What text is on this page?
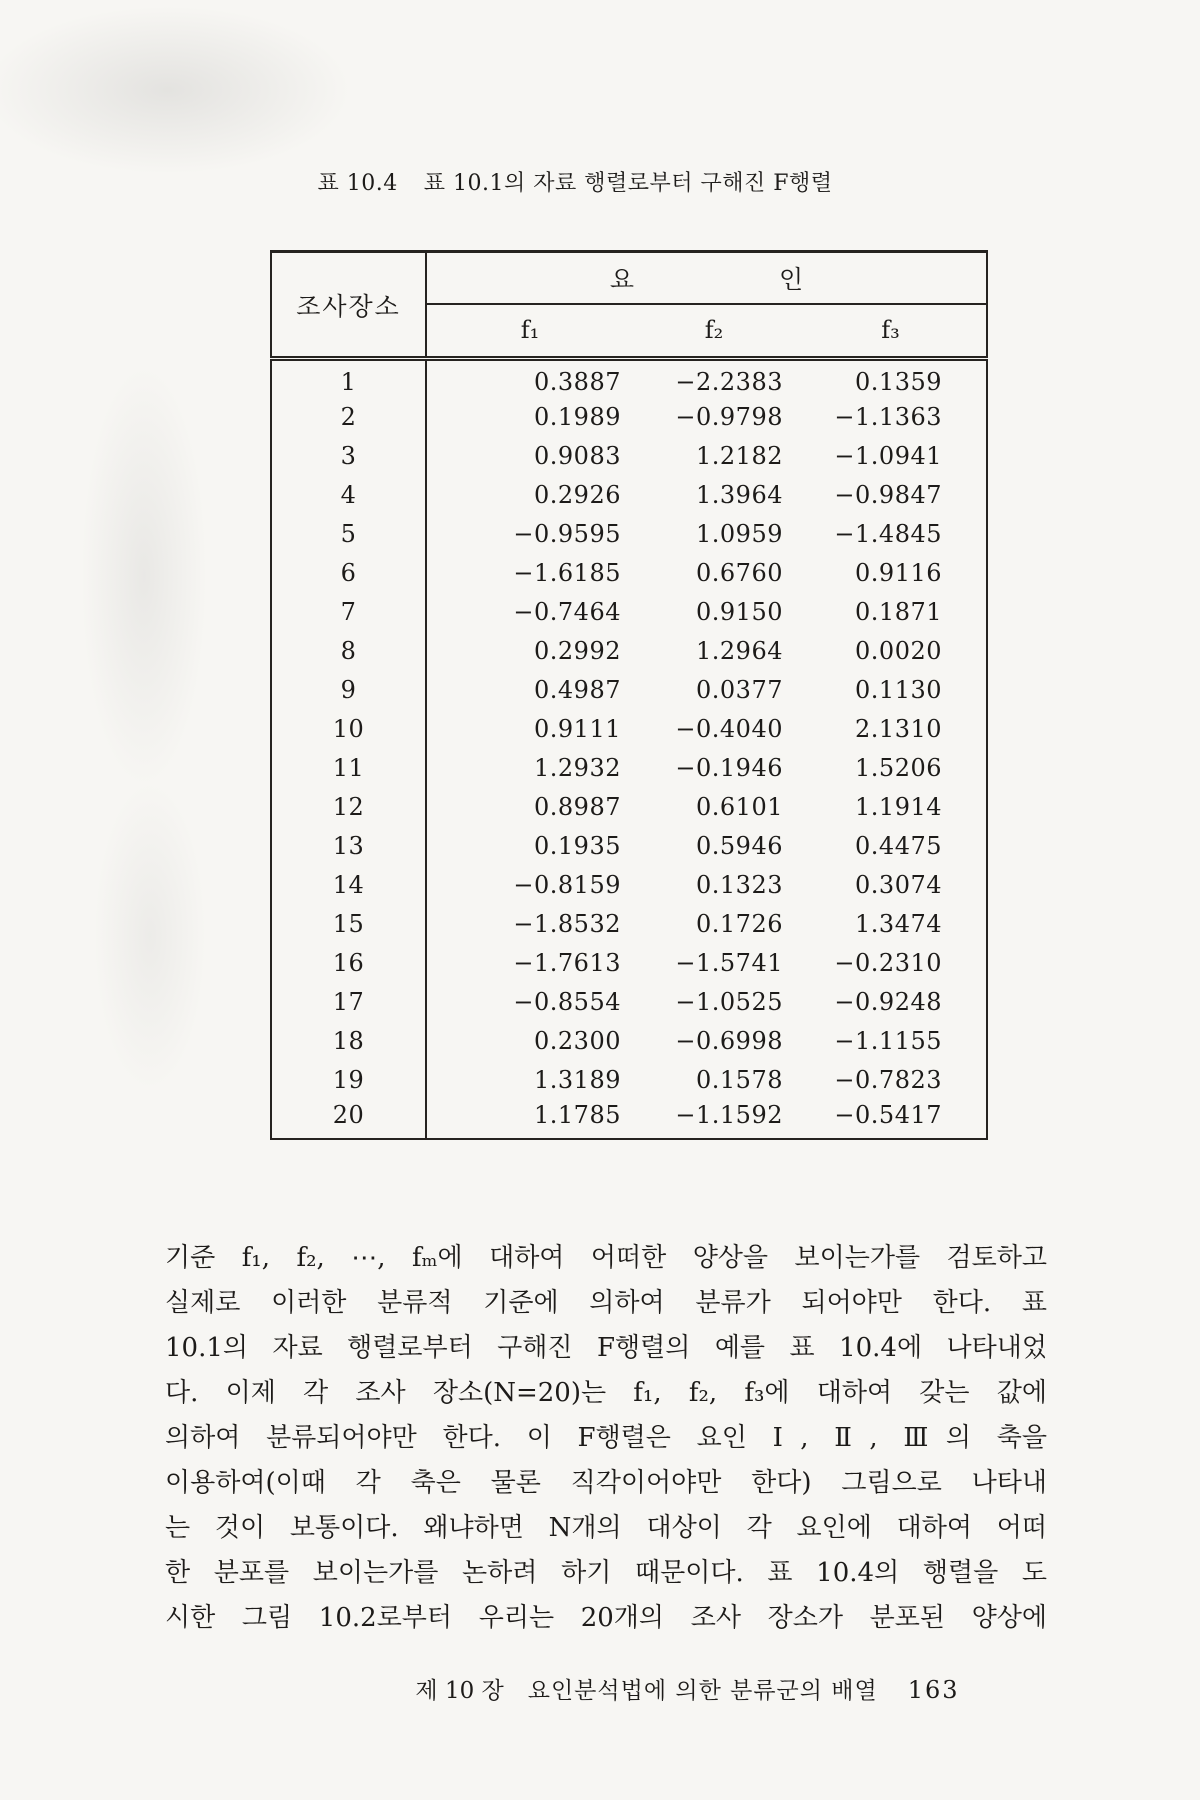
표 10.4 표 10.1의 자료 행렬로부터 구해진 F행렬
조사장소	요 인		

	f₁	f₂	f₃
1	0.3887	−2.2383	0.1359
2	0.1989	−0.9798	−1.1363
3	0.9083	1.2182	−1.0941
4	0.2926	1.3964	−0.9847
5	−0.9595	1.0959	−1.4845
6	−1.6185	0.6760	0.9116
7	−0.7464	0.9150	0.1871
8	0.2992	1.2964	0.0020
9	0.4987	0.0377	0.1130
10	0.9111	−0.4040	2.1310
11	1.2932	−0.1946	1.5206
12	0.8987	0.6101	1.1914
13	0.1935	0.5946	0.4475
14	−0.8159	0.1323	0.3074
15	−1.8532	0.1726	1.3474
16	−1.7613	−1.5741	−0.2310
17	−0.8554	−1.0525	−0.9248
18	0.2300	−0.6998	−1.1155
19	1.3189	0.1578	−0.7823
20	1.1785	−1.1592	−0.5417
기준 f₁, f₂, ⋯, fₘ에 대하여 어떠한 양상을 보이는가를 검토하고
실제로 이러한 분류적 기준에 의하여 분류가 되어야만 한다. 표
10.1의 자료 행렬로부터 구해진 F행렬의 예를 표 10.4에 나타내었
다. 이제 각 조사 장소(N=20)는 f₁, f₂, f₃에 대하여 갖는 값에
의하여 분류되어야만 한다. 이 F행렬은 요인 Ⅰ, Ⅱ, Ⅲ의 축을
이용하여(이때 각 축은 물론 직각이어야만 한다) 그림으로 나타내
는 것이 보통이다. 왜냐하면 N개의 대상이 각 요인에 대하여 어떠
한 분포를 보이는가를 논하려 하기 때문이다. 표 10.4의 행렬을 도
시한 그림 10.2로부터 우리는 20개의 조사 장소가 분포된 양상에
제 10 장 요인분석법에 의한 분류군의 배열 163
